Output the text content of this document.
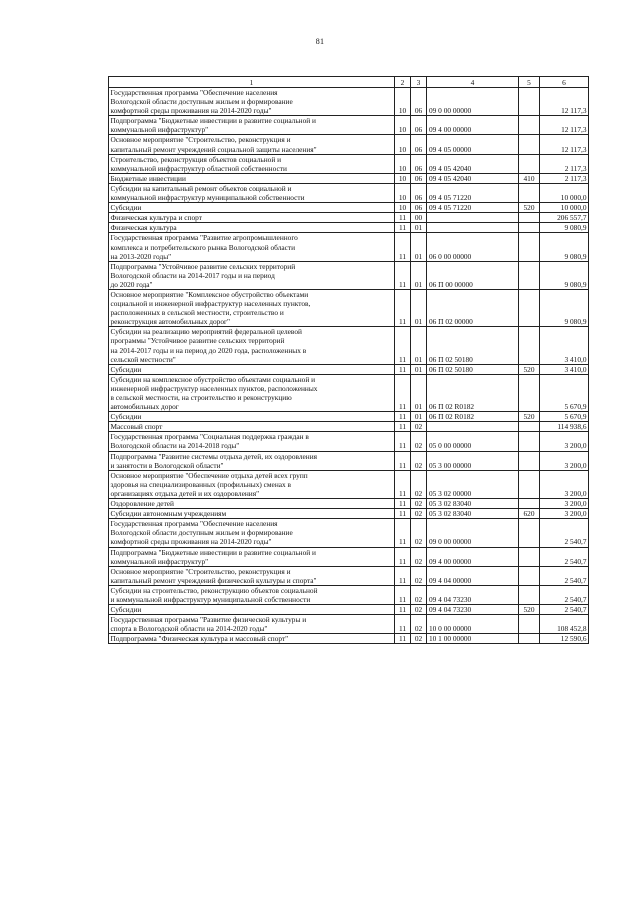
81
1	2	3	4	5	6
Государственная программа "Обеспечение населения
Вологодской области доступным жильем и формирование
комфортной среды проживания на 2014-2020 годы"	10	06	09 0 00 00000		12 117,3
Подпрограмма "Бюджетные инвестиции в развитие социальной и
коммунальной инфраструктур"	10	06	09 4 00 00000		12 117,3
Основное мероприятие "Строительство, реконструкция и
капитальный ремонт учреждений социальной защиты населения"	10	06	09 4 05 00000		12 117,3
Строительство, реконструкция объектов социальной и
коммунальной инфраструктур областной собственности	10	06	09 4 05 42040		2 117,3
Бюджетные инвестиции	10	06	09 4 05 42040	410	2 117,3
Субсидии на капитальный ремонт объектов социальной и
коммунальной инфраструктур муниципальной собственности	10	06	09 4 05 71220		10 000,0
Субсидии	10	06	09 4 05 71220	520	10 000,0
Физическая культура и спорт	11	00			206 557,7
Физическая культура	11	01			9 080,9
Государственная программа "Развитие агропромышленного
комплекса и потребительского рынка Вологодской области
на 2013-2020 годы"	11	01	06 0 00 00000		9 080,9
Подпрограмма "Устойчивое развитие сельских территорий
Вологодской области на 2014-2017 годы и на период
до 2020 года"	11	01	06 П 00 00000		9 080,9
Основное мероприятие "Комплексное обустройство объектами
социальной и инженерной инфраструктур населенных пунктов,
расположенных в сельской местности, строительство и
реконструкция автомобильных дорог"	11	01	06 П 02 00000		9 080,9
Субсидии на реализацию мероприятий федеральной целевой
программы "Устойчивое развитие сельских территорий
на 2014-2017 годы и на период до 2020 года, расположенных в
сельской местности"	11	01	06 П 02 50180		3 410,0
Субсидии	11	01	06 П 02 50180	520	3 410,0
Субсидии на комплексное обустройство объектами социальной и
инженерной инфраструктур населенных пунктов, расположенных
в сельской местности, на строительство и реконструкцию
автомобильных дорог	11	01	06 П 02 R0182		5 670,9
Субсидии	11	01	06 П 02 R0182	520	5 670,9
Массовый спорт	11	02			114 938,6
Государственная программа "Социальная поддержка граждан в
Вологодской области на 2014-2018 годы"	11	02	05 0 00 00000		3 200,0
Подпрограмма "Развитие системы отдыха детей, их оздоровления
и занятости в Вологодской области"	11	02	05 3 00 00000		3 200,0
Основное мероприятие "Обеспечение отдыха детей всех групп
здоровья на специализированных (профильных) сменах в
организациях отдыха детей и их оздоровления"	11	02	05 3 02 00000		3 200,0
Оздоровление детей	11	02	05 3 02 83040		3 200,0
Субсидии автономным учреждениям	11	02	05 3 02 83040	620	3 200,0
Государственная программа "Обеспечение населения
Вологодской области доступным жильем и формирование
комфортной среды проживания на 2014-2020 годы"	11	02	09 0 00 00000		2 540,7
Подпрограмма "Бюджетные инвестиции в развитие социальной и
коммунальной инфраструктур"	11	02	09 4 00 00000		2 540,7
Основное мероприятие "Строительство, реконструкция и
капитальный ремонт учреждений физической культуры и спорта"	11	02	09 4 04 00000		2 540,7
Субсидии на строительство, реконструкцию объектов социальной
и коммунальной инфраструктур муниципальной собственности	11	02	09 4 04 73230		2 540,7
Субсидии	11	02	09 4 04 73230	520	2 540,7
Государственная программа "Развитие физической культуры и
спорта в Вологодской области на 2014-2020 годы"	11	02	10 0 00 00000		108 452,8
Подпрограмма "Физическая культура и массовый спорт"	11	02	10 1 00 00000		12 590,6
